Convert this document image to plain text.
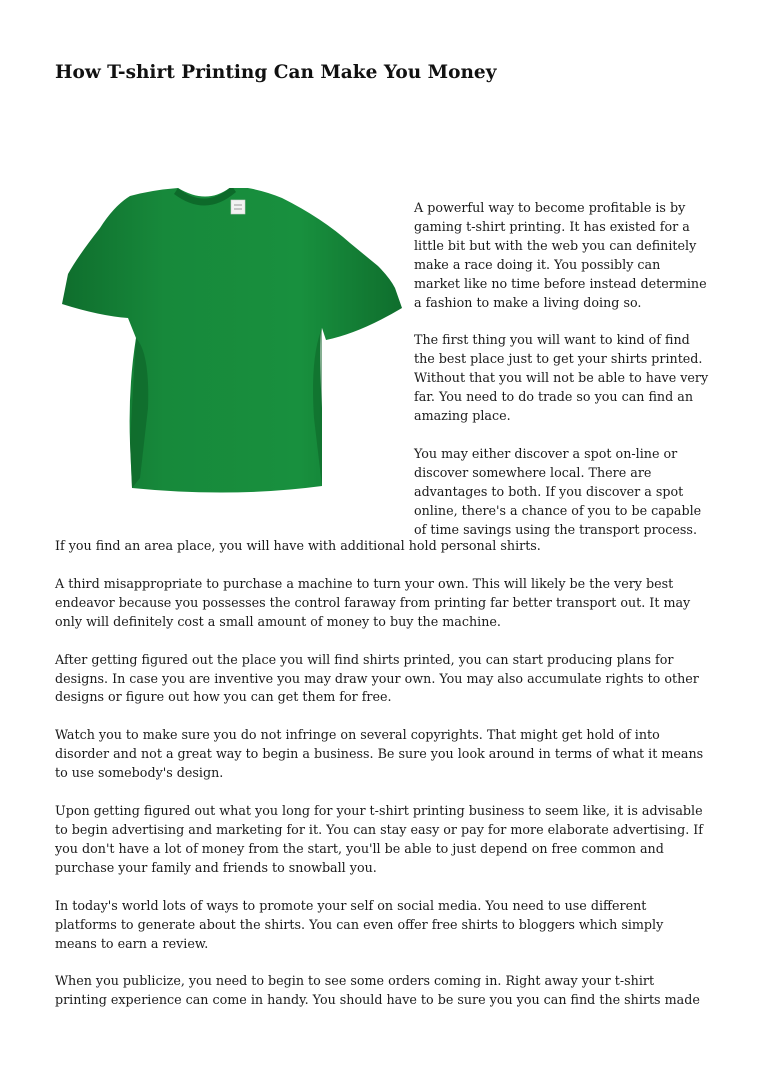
How T-shirt Printing Can Make You Money

A powerful way to become profitable is by
gaming t-shirt printing. It has existed for a
little bit but with the web you can definitely
make a race doing it. You possibly can
market like no time before instead determine
a fashion to make a living doing so.

The first thing you will want to kind of find
the best place just to get your shirts printed.
Without that you will not be able to have very
far. You need to do trade so you can find an
amazing place.

You may either discover a spot on-line or
discover somewhere local. There are
advantages to both. If you discover a spot
online, there's a chance of you to be capable
of time savings using the transport process.

If you find an area place, you will have with additional hold personal shirts.

A third misappropriate to purchase a machine to turn your own. This will likely be the very best
endeavor because you possesses the control faraway from printing far better transport out. It may
only will definitely cost a small amount of money to buy the machine.

After getting figured out the place you will find shirts printed, you can start producing plans for
designs. In case you are inventive you may draw your own. You may also accumulate rights to other
designs or figure out how you can get them for free.

Watch you to make sure you do not infringe on several copyrights. That might get hold of into
disorder and not a great way to begin a business. Be sure you look around in terms of what it means
to use somebody's design.

Upon getting figured out what you long for your t-shirt printing business to seem like, it is advisable
to begin advertising and marketing for it. You can stay easy or pay for more elaborate advertising. If
you don't have a lot of money from the start, you'll be able to just depend on free common and
purchase your family and friends to snowball you.

In today's world lots of ways to promote your self on social media. You need to use different
platforms to generate about the shirts. You can even offer free shirts to bloggers which simply
means to earn a review.

When you publicize, you need to begin to see some orders coming in. Right away your t-shirt
printing experience can come in handy. You should have to be sure you you can find the shirts made
